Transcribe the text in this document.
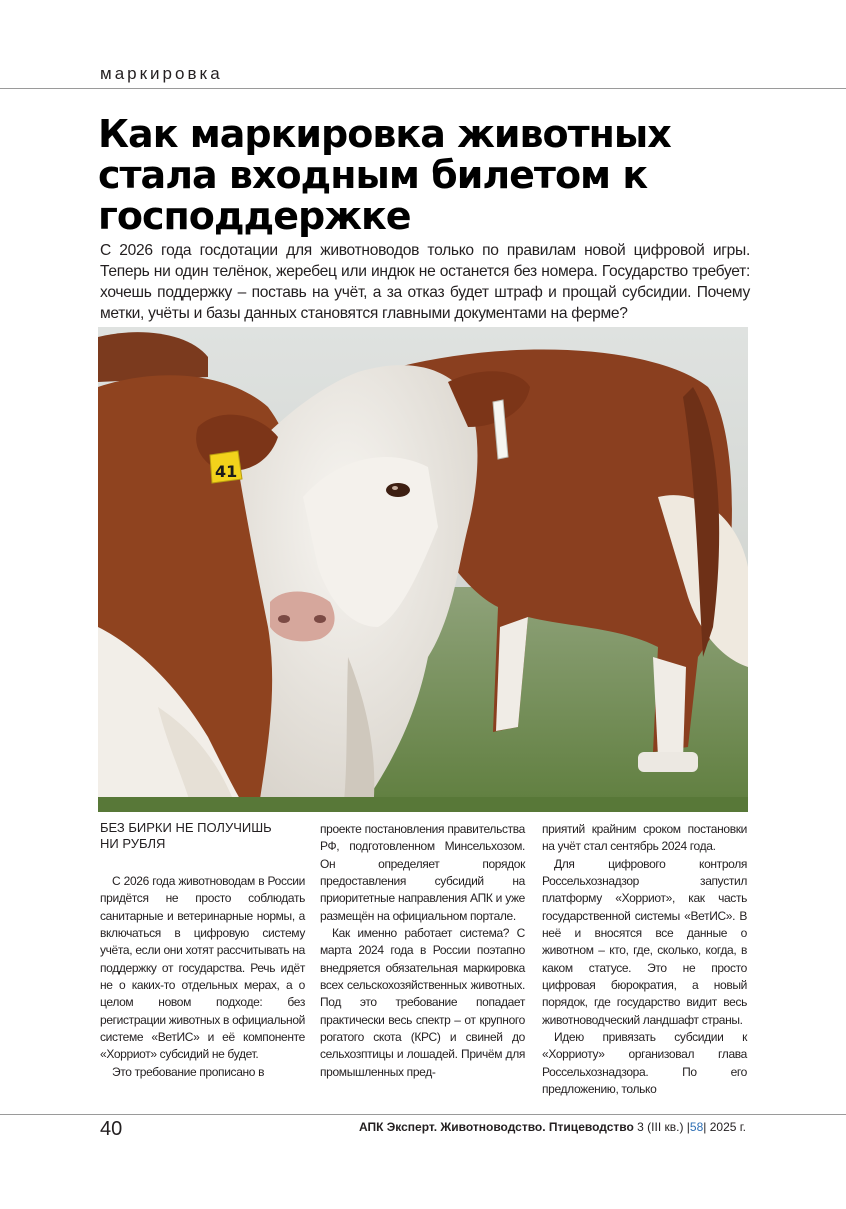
маркировка
Как маркировка животных
стала входным билетом к
господдержке

С 2026 года госдотации для животноводов только по правилам новой цифровой игры. Теперь ни один телёнок, жеребец или индюк не останется без номера. Государство требует: хочешь поддержку – поставь на учёт, а за отказ будет штраф и прощай субсидии. Почему метки, учёты и базы данных становятся главными документами на ферме?

41
БЕЗ БИРКИ НЕ ПОЛУЧИШЬ
НИ РУБЛЯ

С 2026 года животноводам в России придётся не просто соблюдать санитарные и ветеринарные нормы, а включаться в цифровую систему учёта, если они хотят рассчитывать на поддержку от государства. Речь идёт не о каких-то отдельных мерах, а о целом новом подходе: без регистрации животных в официальной системе «ВетИС» и её компоненте «Хорриот» субсидий не будет.

Это требование прописано в

проекте постановления правительства РФ, подготовленном Минсельхозом. Он определяет порядок предоставления субсидий на приоритетные направления АПК и уже размещён на официальном портале.

Как именно работает система? С марта 2024 года в России поэтапно внедряется обязательная маркировка всех сельскохозяйственных животных. Под это требование попадает практически весь спектр – от крупного рогатого скота (КРС) и свиней до сельхозптицы и лошадей. Причём для промышленных пред-

приятий крайним сроком постановки на учёт стал сентябрь 2024 года.

Для цифрового контроля Россельхознадзор запустил платформу «Хорриот», как часть государственной системы «ВетИС». В неё и вносятся все данные о животном – кто, где, сколько, когда, в каком статусе. Это не просто цифровая бюрократия, а новый порядок, где государство видит весь животноводческий ландшафт страны.

Идею привязать субсидии к «Хорриоту» организовал глава Россельхознадзора. По его предложению, только

40	АПК Эксперт. Животноводство. Птицеводство 3 (III кв.) |58| 2025 г.
